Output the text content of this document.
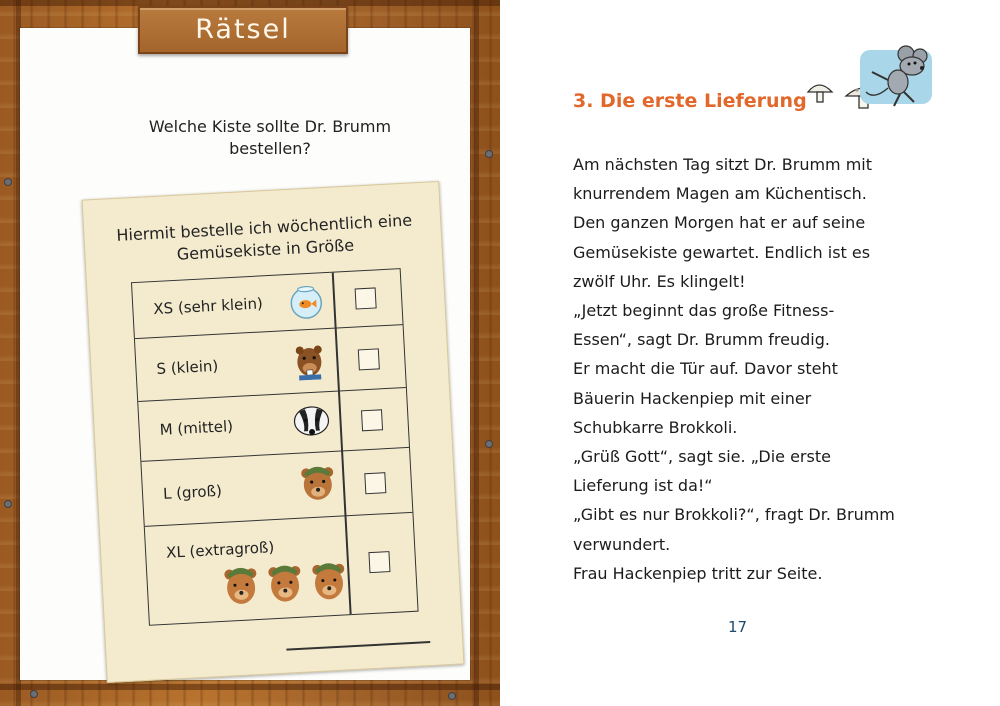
Welche Kiste sollte Dr. Brumm bestellen?
Hiermit bestelle ich wöchentlich eine Gemüsekiste in Größe
XS (sehr klein)
S (klein)
M (mittel)
L (groß)
XL (extragroß)
Rätsel
3. Die erste Lieferung
Am nächsten Tag sitzt Dr. Brumm mit
knurrendem Magen am Küchentisch.
Den ganzen Morgen hat er auf seine
Gemüsekiste gewartet. Endlich ist es
zwölf Uhr. Es klingelt!
„Jetzt beginnt das große Fitness-
Essen“, sagt Dr. Brumm freudig.
Er macht die Tür auf. Davor steht
Bäuerin Hackenpiep mit einer
Schubkarre Brokkoli.
„Grüß Gott“, sagt sie. „Die erste
Lieferung ist da!“
„Gibt es nur Brokkoli?“, fragt Dr. Brumm
verwundert.
Frau Hackenpiep tritt zur Seite.
17
